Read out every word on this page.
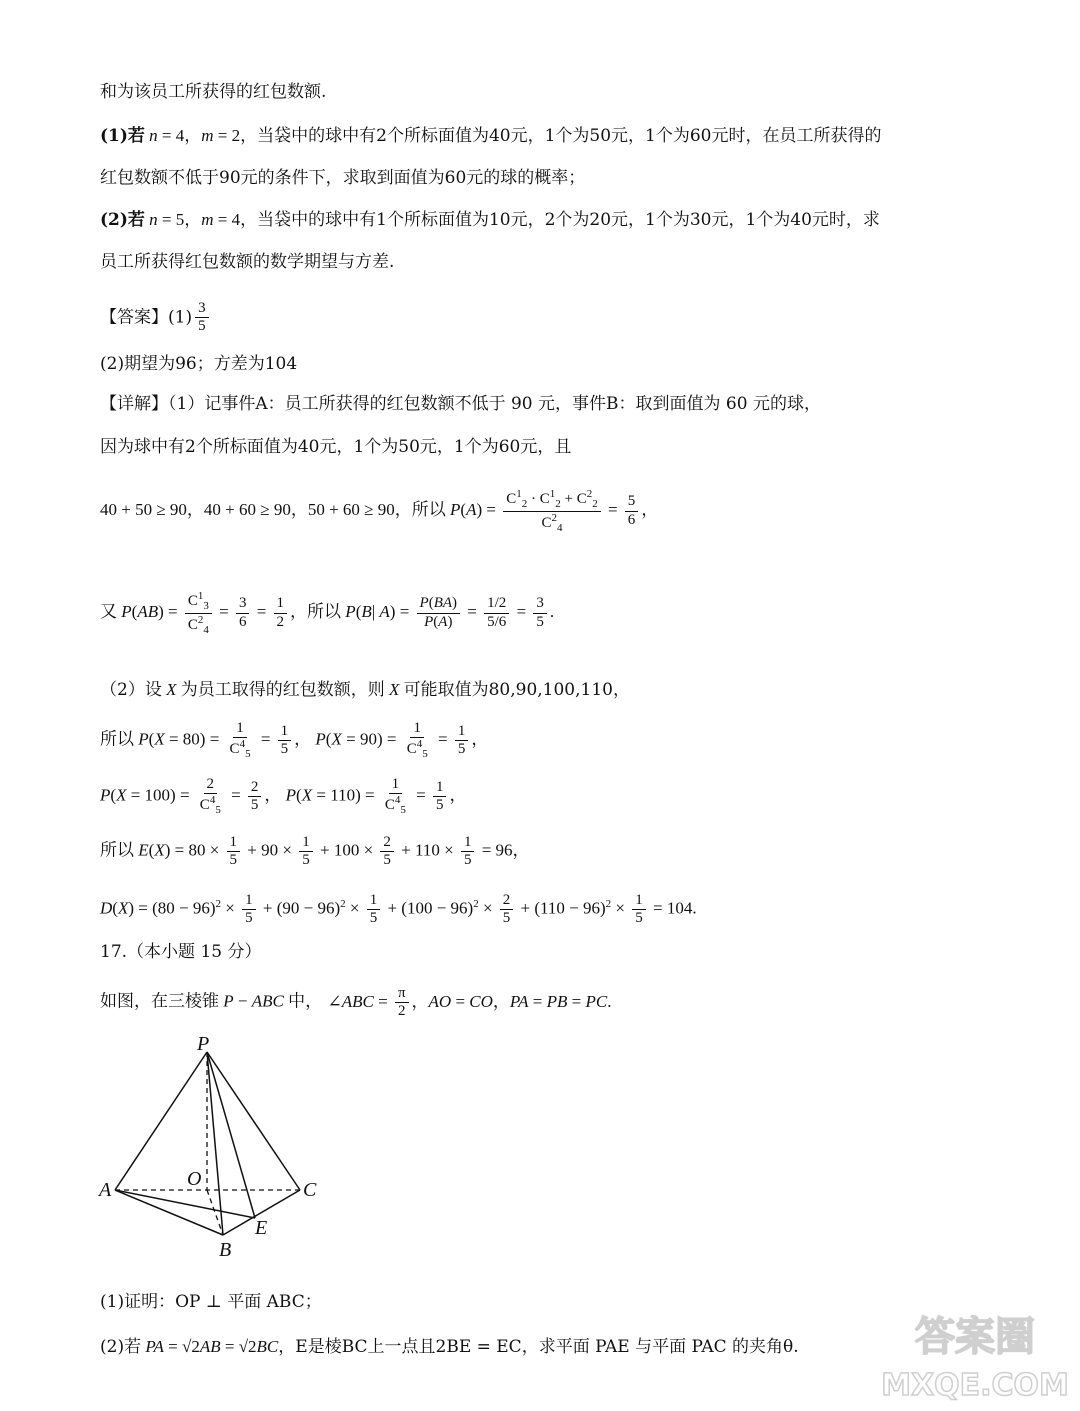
和为该员工所获得的红包数额.
(1)若 n = 4，m = 2，当袋中的球中有2个所标面值为40元，1个为50元，1个为60元时，在员工所获得的
红包数额不低于90元的条件下，求取到面值为60元的球的概率；
(2)若 n = 5，m = 4，当袋中的球中有1个所标面值为10元，2个为20元，1个为30元，1个为40元时，求
员工所获得红包数额的数学期望与方差.
【答案】$(1) \frac{3}{5}$
(2)期望为96；方差为104
【详解】（1）记事件A：员工所获得的红包数额不低于 90 元，事件B：取到面值为 60 元的球，
因为球中有2个所标面值为40元，1个为50元，1个为60元，且
40 + 50 ≥ 90，40 + 60 ≥ 90，50 + 60 ≥ 90，所以 $P(A) = \frac{C^1_2 \cdot C^1_2 + C^2_2}{C^2_4} = \frac{5}{6}$ ，
又 $P(AB) = \frac{C^1_3}{C^2_4} = \frac{3}{6} = \frac{1}{2}$ ，所以 P(B| $A) = \frac{P(BA)}{P(A)} = \frac{1/2}{5/6} = \frac{3}{5}$ .
（2）设 X 为员工取得的红包数额，则 X 可能取值为80,90,100,110，
所以 $P(X = 80) = \frac{1}{C^4_5} = \frac{1}{5}$ ， $P(X = 90) = \frac{1}{C^4_5} = \frac{1}{5}$ ，
$P(X = 100) = \frac{2}{C^4_5} = \frac{2}{5}$ ， $P(X = 110) = \frac{1}{C^4_5} = \frac{1}{5}$ ，
所以 $E(X) = 80 \times \frac{1}{5} + 90 \times \frac{1}{5} + 100 \times \frac{2}{5} + 110 \times \frac{1}{5} = 96$，
$D(X) = (80 - 96)^2 \times \frac{1}{5} + (90 - 96)^2 \times \frac{1}{5} + (100 - 96)^2 \times \frac{2}{5} + (110 - 96)^2 \times \frac{1}{5} = 104$.
17.（本小题 15 分）
如图，在三棱锥 P − ABC 中， ∠ABC = $\frac{\pi}{2}$ ，AO = CO，PA = PB = PC.
P
O
A	C
E
B
(1)证明：OP ⊥ 平面 ABC；
(2)若 PA = √2AB = √2BC，E是棱BC上一点且2BE = EC，求平面 PAE 与平面 PAC 的夹角θ.	答案圈
MXQE.COM
